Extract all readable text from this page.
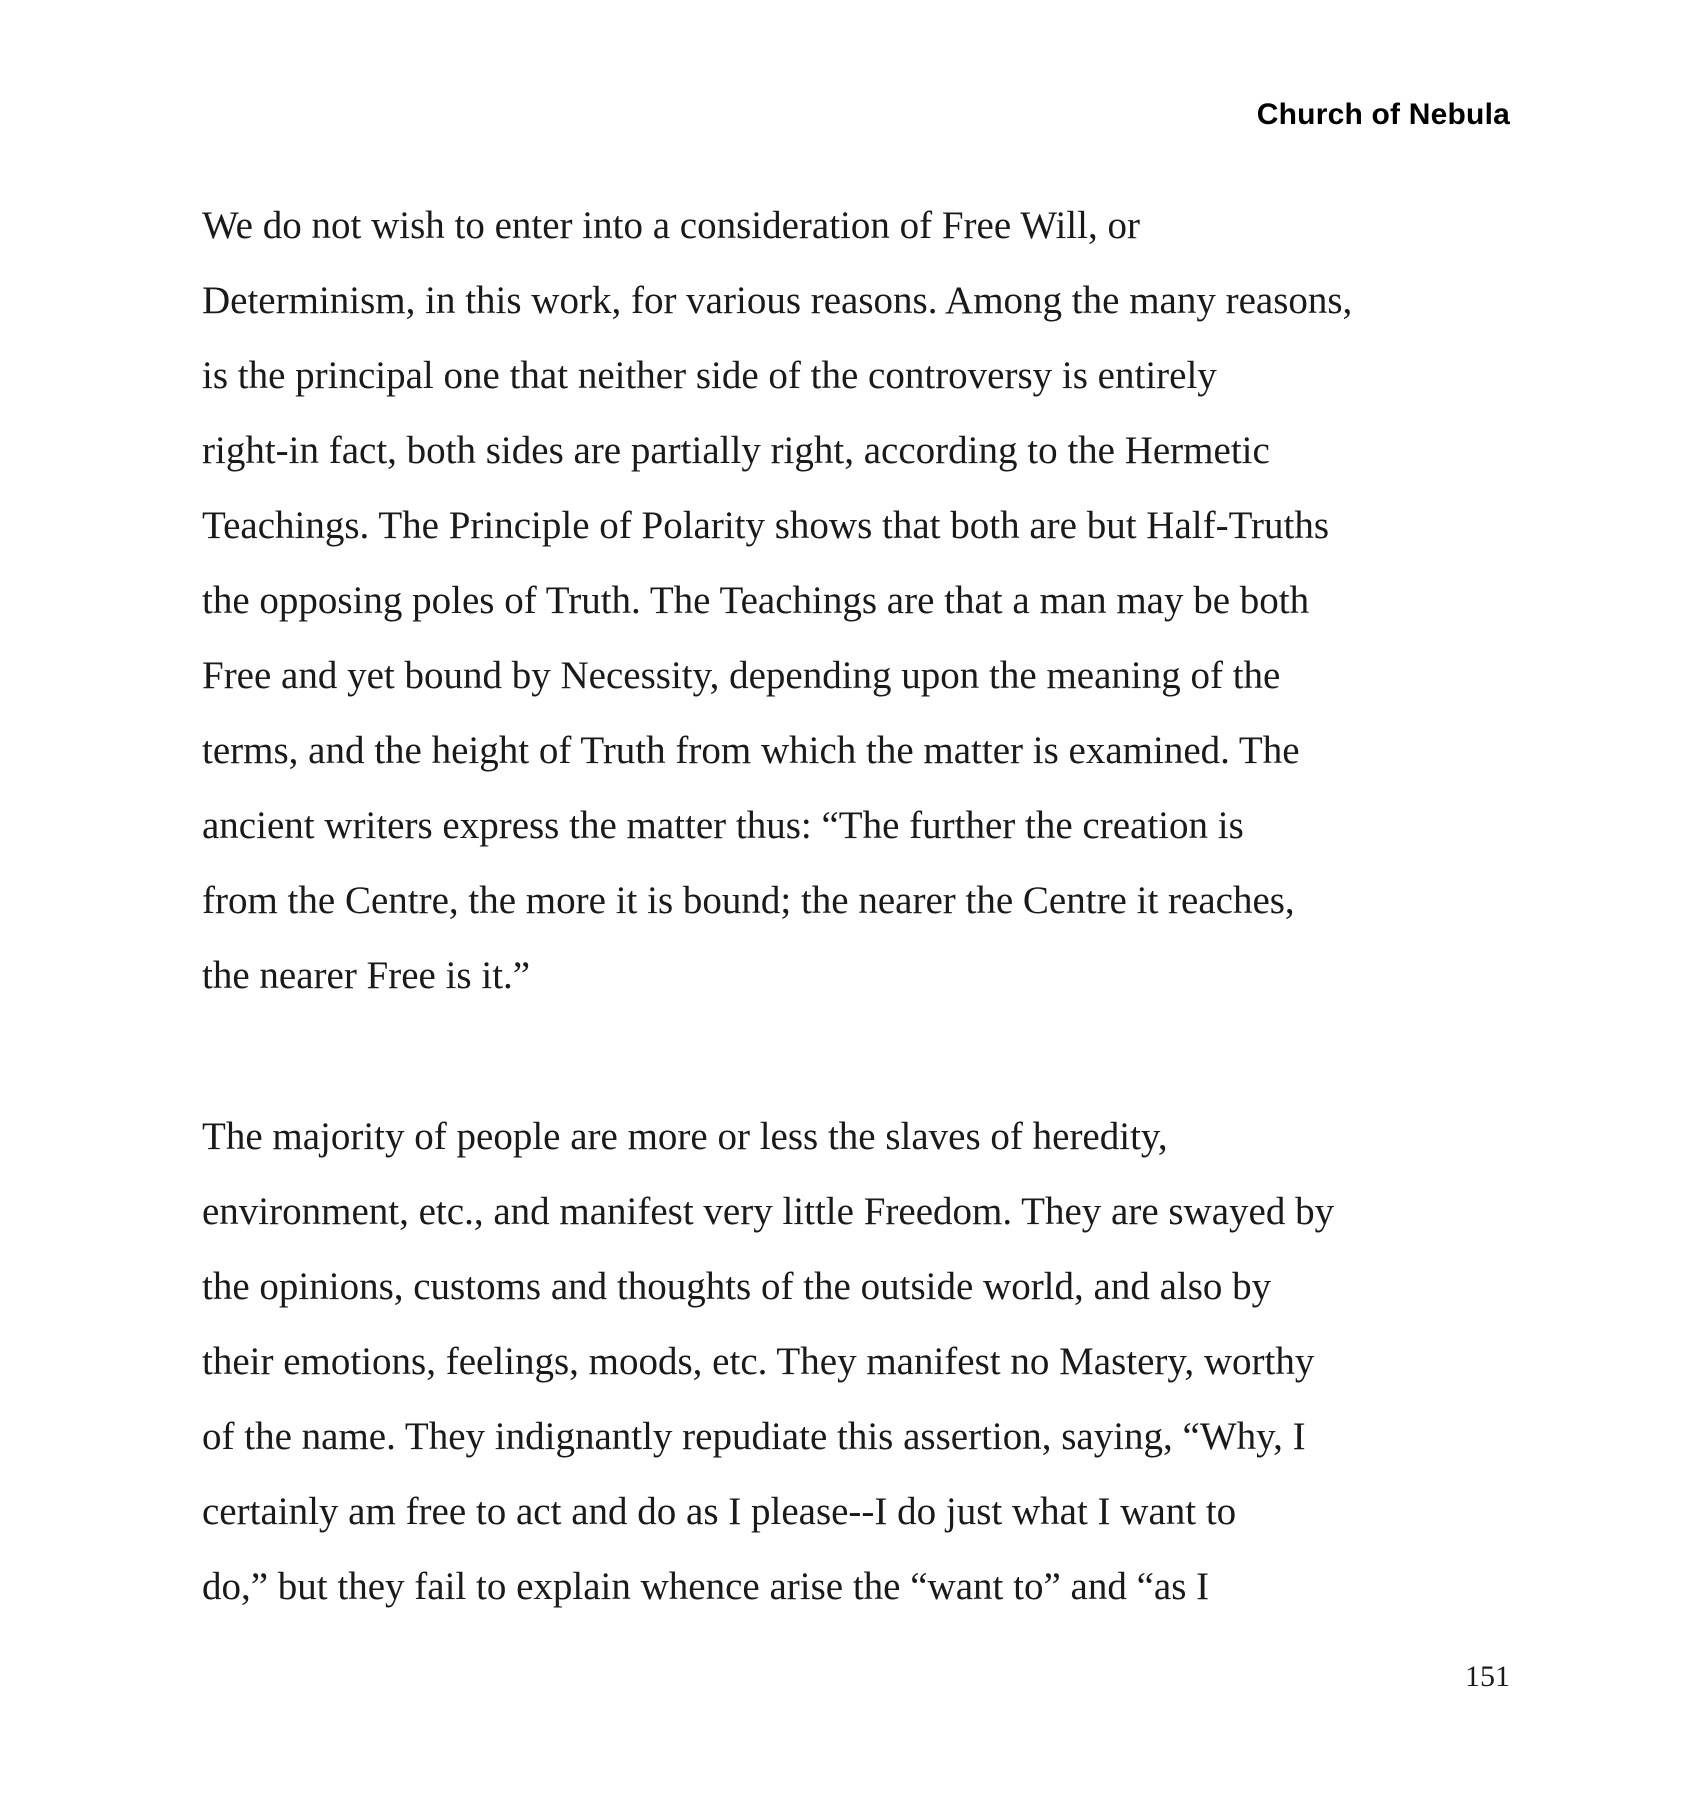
Church of Nebula

We do not wish to enter into a consideration of Free Will, or
Determinism, in this work, for various reasons. Among the many reasons,
is the principal one that neither side of the controversy is entirely
right-in fact, both sides are partially right, according to the Hermetic
Teachings. The Principle of Polarity shows that both are but Half-Truths
the opposing poles of Truth. The Teachings are that a man may be both
Free and yet bound by Necessity, depending upon the meaning of the
terms, and the height of Truth from which the matter is examined. The
ancient writers express the matter thus: “The further the creation is
from the Centre, the more it is bound; the nearer the Centre it reaches,
the nearer Free is it.”

The majority of people are more or less the slaves of heredity,
environment, etc., and manifest very little Freedom. They are swayed by
the opinions, customs and thoughts of the outside world, and also by
their emotions, feelings, moods, etc. They manifest no Mastery, worthy
of the name. They indignantly repudiate this assertion, saying, “Why, I
certainly am free to act and do as I please--I do just what I want to
do,” but they fail to explain whence arise the “want to” and “as I

151
